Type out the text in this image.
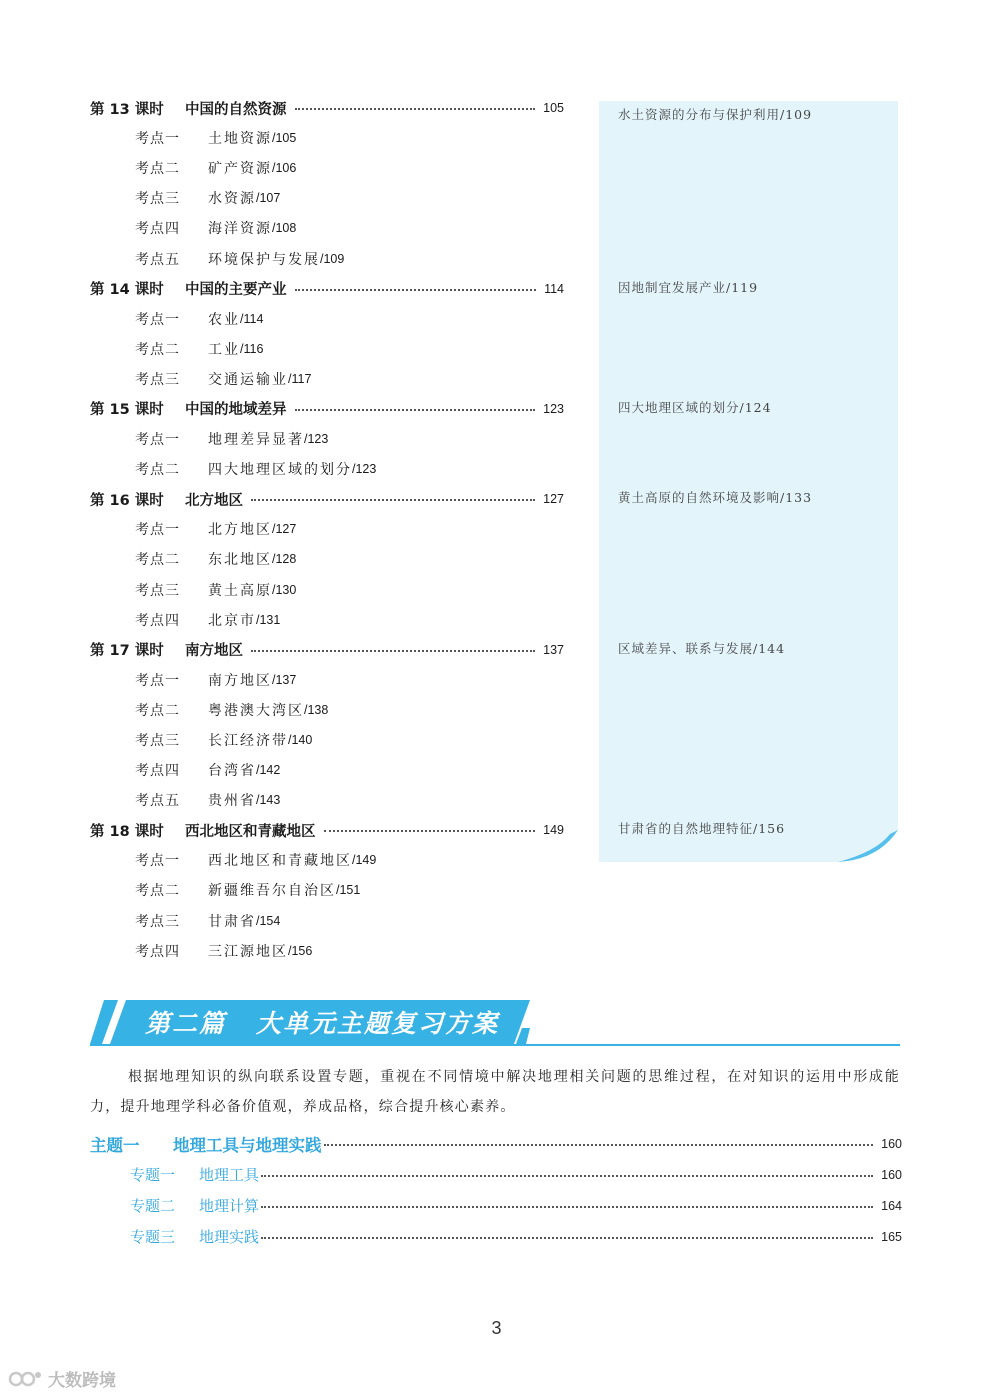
第 13 课时	中国的自然资源	105
考点一	土地资源 /105
考点二	矿产资源 /106
考点三	水资源 /107
考点四	海洋资源 /108
考点五	环境保护与发展 /109
第 14 课时	中国的主要产业	114
考点一	农业 /114
考点二	工业 /116
考点三	交通运输业 /117
第 15 课时	中国的地域差异	123
考点一	地理差异显著 /123
考点二	四大地理区域的划分 /123
第 16 课时	北方地区	127
考点一	北方地区 /127
考点二	东北地区 /128
考点三	黄土高原 /130
考点四	北京市 /131
第 17 课时	南方地区	137
考点一	南方地区 /137
考点二	粤港澳大湾区 /138
考点三	长江经济带 /140
考点四	台湾省 /142
考点五	贵州省 /143
第 18 课时	西北地区和青藏地区	149
考点一	西北地区和青藏地区 /149
考点二	新疆维吾尔自治区 /151
考点三	甘肃省 /154
考点四	三江源地区 /156
水土资源的分布与保护利用/109
因地制宜发展产业/119
四大地理区域的划分/124
黄土高原的自然环境及影响/133
区域差异、联系与发展/144
甘肃省的自然地理特征/156
第二篇 大单元主题复习方案
根据地理知识的纵向联系设置专题，重视在不同情境中解决地理相关问题的思维过程，在对知识的运用中形成能力，提升地理学科必备价值观，养成品格，综合提升核心素养。
主题一	地理工具与地理实践	160
专题一	地理工具	160
专题二	地理计算	164
专题三	地理实践	165
3
大数跨境
